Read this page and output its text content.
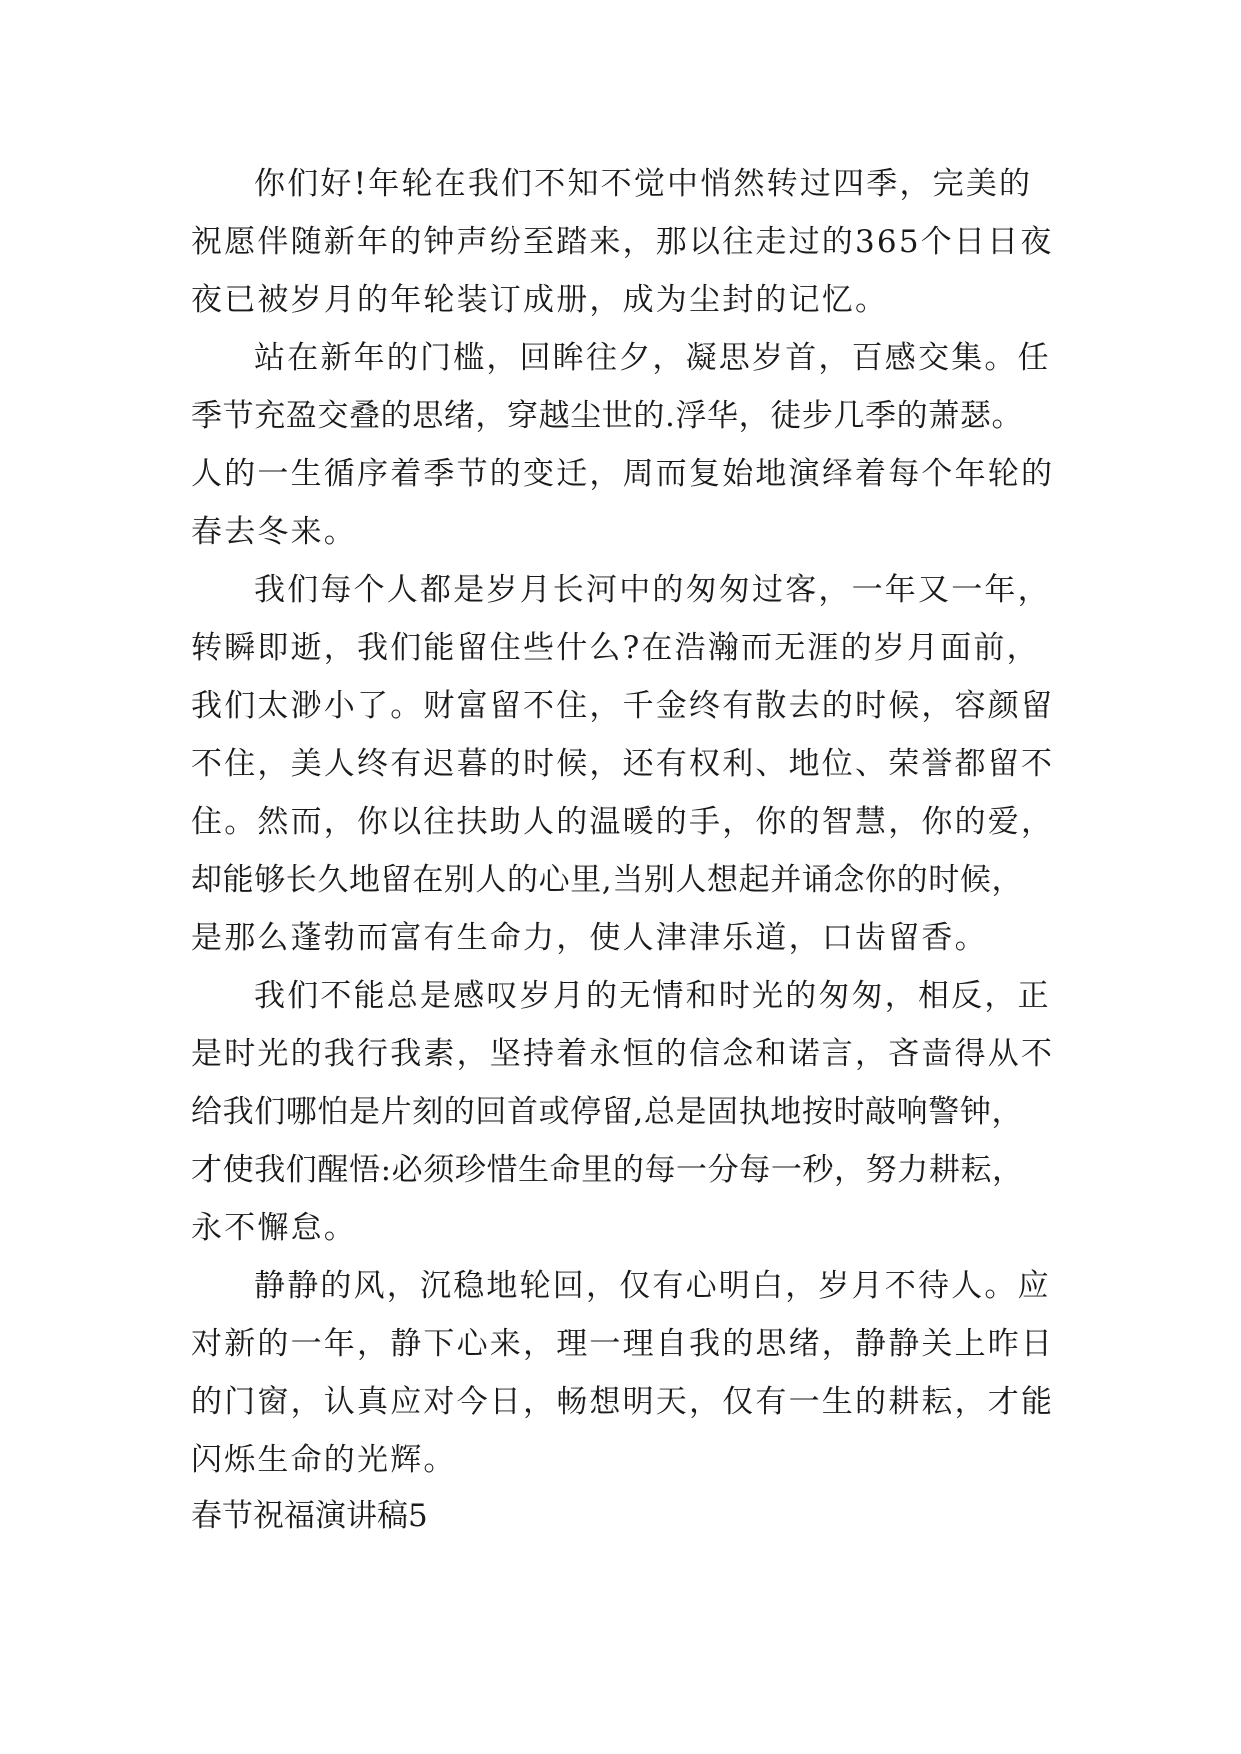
你们好!年轮在我们不知不觉中悄然转过四季，完美的
祝愿伴随新年的钟声纷至踏来，那以往走过的365个日日夜
夜已被岁月的年轮装订成册，成为尘封的记忆。
站在新年的门槛，回眸往夕，凝思岁首，百感交集。任
季节充盈交叠的思绪，穿越尘世的.浮华，徒步几季的萧瑟。
人的一生循序着季节的变迁，周而复始地演绎着每个年轮的
春去冬来。
我们每个人都是岁月长河中的匆匆过客，一年又一年，
转瞬即逝，我们能留住些什么?在浩瀚而无涯的岁月面前，
我们太渺小了。财富留不住，千金终有散去的时候，容颜留
不住，美人终有迟暮的时候，还有权利、地位、荣誉都留不
住。然而，你以往扶助人的温暖的手，你的智慧，你的爱，
却能够长久地留在别人的心里,当别人想起并诵念你的时候，
是那么蓬勃而富有生命力，使人津津乐道，口齿留香。
我们不能总是感叹岁月的无情和时光的匆匆，相反，正
是时光的我行我素，坚持着永恒的信念和诺言，吝啬得从不
给我们哪怕是片刻的回首或停留,总是固执地按时敲响警钟，
才使我们醒悟:必须珍惜生命里的每一分每一秒，努力耕耘，
永不懈怠。
静静的风，沉稳地轮回，仅有心明白，岁月不待人。应
对新的一年，静下心来，理一理自我的思绪，静静关上昨日
的门窗，认真应对今日，畅想明天，仅有一生的耕耘，才能
闪烁生命的光辉。
春节祝福演讲稿5
